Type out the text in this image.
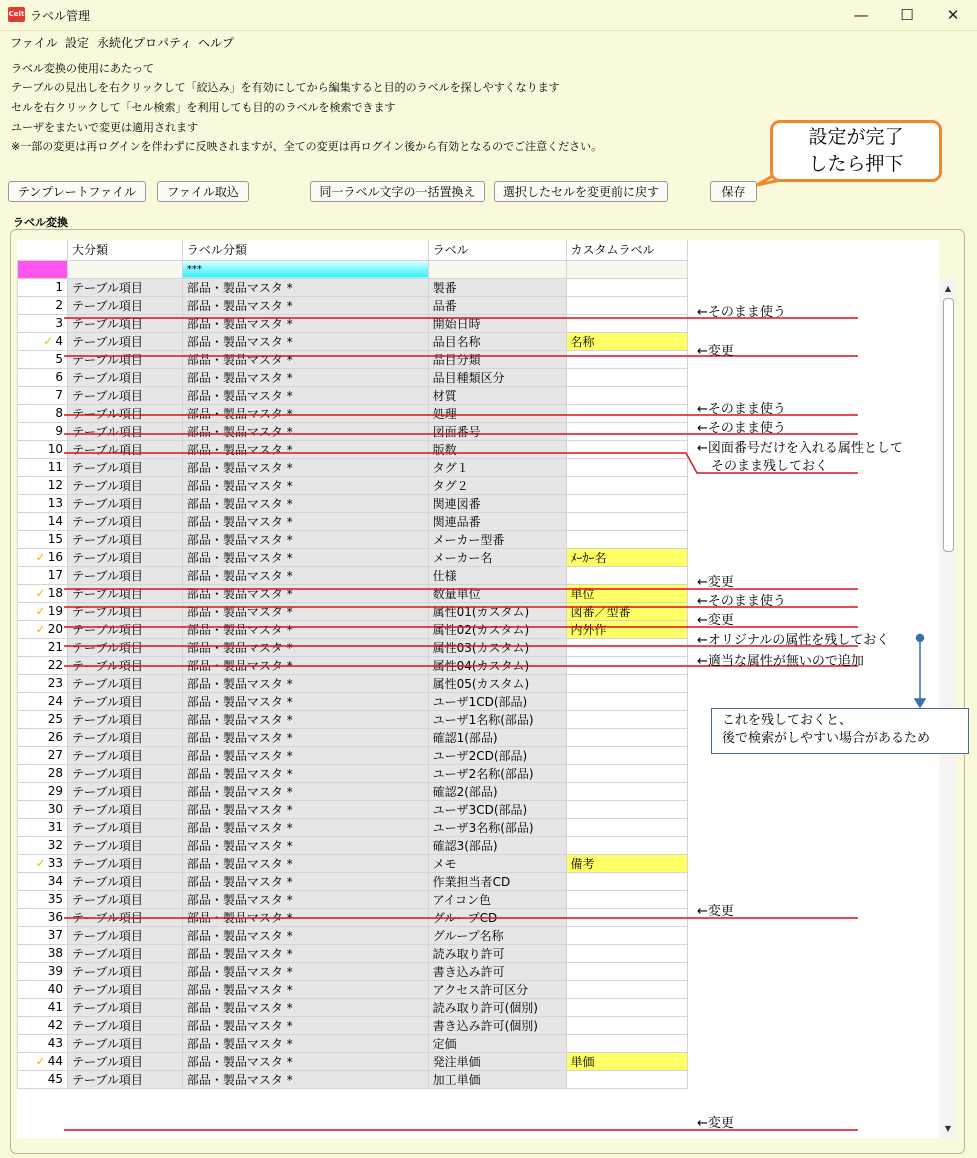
Celt ラベル管理	—	☐	✕
ファイル 設定 永続化プロパティ ヘルプ
ラベル変換の使用にあたって
テーブルの見出しを右クリックして「絞込み」を有効にしてから編集すると目的のラベルを探しやすくなります
セルを右クリックして「セル検索」を利用しても目的のラベルを検索できます
ユーザをまたいで変更は適用されます
※一部の変更は再ログインを伴わずに反映されますが、全ての変更は再ログイン後から有効となるのでご注意ください。
テンプレートファイル	ファイル取込	同一ラベル文字の一括置換え	選択したセルを変更前に戻す	保存
ラベル変換
	大分類	ラベル分類	ラベル	カスタムラベル	
		***			
1	テーブル項目	部品・製品マスタ *	製番		
2	テーブル項目	部品・製品マスタ *	品番		
3	テーブル項目	部品・製品マスタ *	開始日時		
✓ 4	テーブル項目	部品・製品マスタ *	品目名称	名称	
5	テーブル項目	部品・製品マスタ *	品目分類		
6	テーブル項目	部品・製品マスタ *	品目種類区分		
7	テーブル項目	部品・製品マスタ *	材質		
8	テーブル項目	部品・製品マスタ *	処理		
9	テーブル項目	部品・製品マスタ *	図面番号		
10	テーブル項目	部品・製品マスタ *	版数		
11	テーブル項目	部品・製品マスタ *	タグ１		
12	テーブル項目	部品・製品マスタ *	タグ２		
13	テーブル項目	部品・製品マスタ *	関連図番		
14	テーブル項目	部品・製品マスタ *	関連品番		
15	テーブル項目	部品・製品マスタ *	メーカー型番		
✓ 16	テーブル項目	部品・製品マスタ *	メーカー名	ﾒｰｶｰ名	
17	テーブル項目	部品・製品マスタ *	仕様		
✓ 18	テーブル項目	部品・製品マスタ *	数量単位	単位	
✓ 19	テーブル項目	部品・製品マスタ *	属性01(カスタム)	図番／型番	
✓ 20	テーブル項目	部品・製品マスタ *	属性02(カスタム)	内外作	
21	テーブル項目	部品・製品マスタ *	属性03(カスタム)		
22	テーブル項目	部品・製品マスタ *	属性04(カスタム)		
23	テーブル項目	部品・製品マスタ *	属性05(カスタム)		
24	テーブル項目	部品・製品マスタ *	ユーザ1CD(部品)		
25	テーブル項目	部品・製品マスタ *	ユーザ1名称(部品)		
26	テーブル項目	部品・製品マスタ *	確認1(部品)		
27	テーブル項目	部品・製品マスタ *	ユーザ2CD(部品)		
28	テーブル項目	部品・製品マスタ *	ユーザ2名称(部品)		
29	テーブル項目	部品・製品マスタ *	確認2(部品)		
30	テーブル項目	部品・製品マスタ *	ユーザ3CD(部品)		
31	テーブル項目	部品・製品マスタ *	ユーザ3名称(部品)		
32	テーブル項目	部品・製品マスタ *	確認3(部品)		
✓ 33	テーブル項目	部品・製品マスタ *	メモ	備考	
34	テーブル項目	部品・製品マスタ *	作業担当者CD		
35	テーブル項目	部品・製品マスタ *	アイコン色		
36	テーブル項目	部品・製品マスタ *	グループCD		
37	テーブル項目	部品・製品マスタ *	グループ名称		
38	テーブル項目	部品・製品マスタ *	読み取り許可		
39	テーブル項目	部品・製品マスタ *	書き込み許可		
40	テーブル項目	部品・製品マスタ *	アクセス許可区分		
41	テーブル項目	部品・製品マスタ *	読み取り許可(個別)		
42	テーブル項目	部品・製品マスタ *	書き込み許可(個別)		
43	テーブル項目	部品・製品マスタ *	定価		
✓ 44	テーブル項目	部品・製品マスタ *	発注単価	単価	
45	テーブル項目	部品・製品マスタ *	加工単価		
▲
▼
←そのまま使う
←変更
←そのまま使う
←そのまま使う
←図面番号だけを入れる属性として
そのまま残しておく
←変更
←そのまま使う
←変更
←オリジナルの属性を残しておく
←適当な属性が無いので追加
←変更
←変更
設定が完了
したら押下
これを残しておくと、
後で検索がしやすい場合があるため
